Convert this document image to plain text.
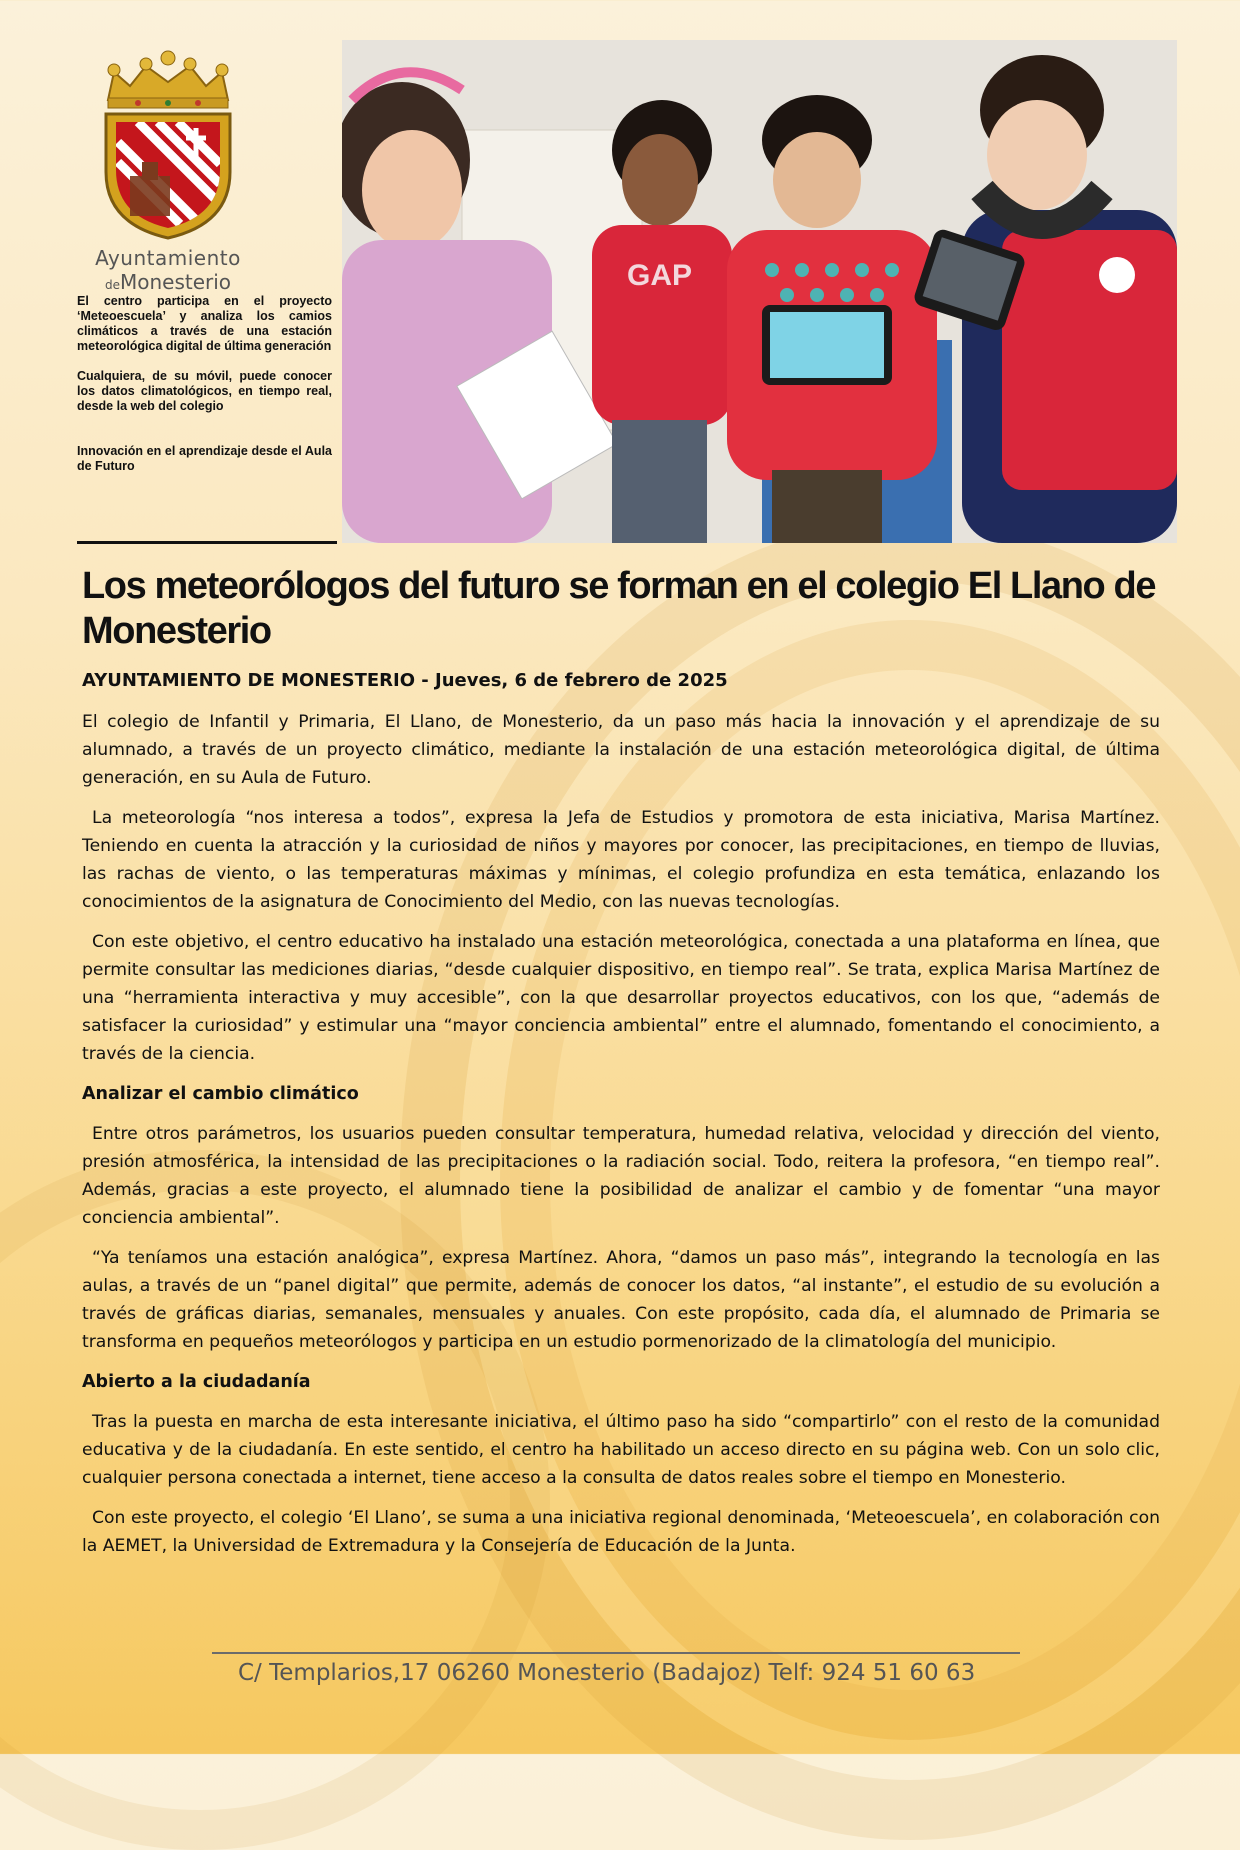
Ayuntamiento
deMonesterio

El centro participa en el proyecto ‘Meteoescuela’ y analiza los camios climáticos a través de una estación meteorológica digital de última generación

Cualquiera, de su móvil, puede conocer los datos climatológicos, en tiempo real, desde la web del colegio

Innovación en el aprendizaje desde el Aula de Futuro

GAP
Los meteorólogos del futuro se forman en el colegio El Llano de Monesterio
AYUNTAMIENTO DE MONESTERIO - Jueves, 6 de febrero de 2025

El colegio de Infantil y Primaria, El Llano, de Monesterio, da un paso más hacia la innovación y el aprendizaje de su alumnado, a través de un proyecto climático, mediante la instalación de una estación meteorológica digital, de última generación, en su Aula de Futuro.

La meteorología “nos interesa a todos”, expresa la Jefa de Estudios y promotora de esta iniciativa, Marisa Martínez. Teniendo en cuenta la atracción y la curiosidad de niños y mayores por conocer, las precipitaciones, en tiempo de lluvias, las rachas de viento, o las temperaturas máximas y mínimas, el colegio profundiza en esta temática, enlazando los conocimientos de la asignatura de Conocimiento del Medio, con las nuevas tecnologías.

Con este objetivo, el centro educativo ha instalado una estación meteorológica, conectada a una plataforma en línea, que permite consultar las mediciones diarias, “desde cualquier dispositivo, en tiempo real”. Se trata, explica Marisa Martínez de una “herramienta interactiva y muy accesible”, con la que desarrollar proyectos educativos, con los que, “además de satisfacer la curiosidad” y estimular una “mayor conciencia ambiental” entre el alumnado, fomentando el conocimiento, a través de la ciencia.

Analizar el cambio climático

Entre otros parámetros, los usuarios pueden consultar temperatura, humedad relativa, velocidad y dirección del viento, presión atmosférica, la intensidad de las precipitaciones o la radiación social. Todo, reitera la profesora, “en tiempo real”. Además, gracias a este proyecto, el alumnado tiene la posibilidad de analizar el cambio y de fomentar “una mayor conciencia ambiental”.

“Ya teníamos una estación analógica”, expresa Martínez. Ahora, “damos un paso más”, integrando la tecnología en las aulas, a través de un “panel digital” que permite, además de conocer los datos, “al instante”, el estudio de su evolución a través de gráficas diarias, semanales, mensuales y anuales. Con este propósito, cada día, el alumnado de Primaria se transforma en pequeños meteorólogos y participa en un estudio pormenorizado de la climatología del municipio.

Abierto a la ciudadanía

Tras la puesta en marcha de esta interesante iniciativa, el último paso ha sido “compartirlo” con el resto de la comunidad educativa y de la ciudadanía. En este sentido, el centro ha habilitado un acceso directo en su página web. Con un solo clic, cualquier persona conectada a internet, tiene acceso a la consulta de datos reales sobre el tiempo en Monesterio.

Con este proyecto, el colegio ‘El Llano’, se suma a una iniciativa regional denominada, ‘Meteoescuela’, en colaboración con la AEMET, la Universidad de Extremadura y la Consejería de Educación de la Junta.

C/ Templarios,17 06260 Monesterio (Badajoz) Telf: 924 51 60 63
